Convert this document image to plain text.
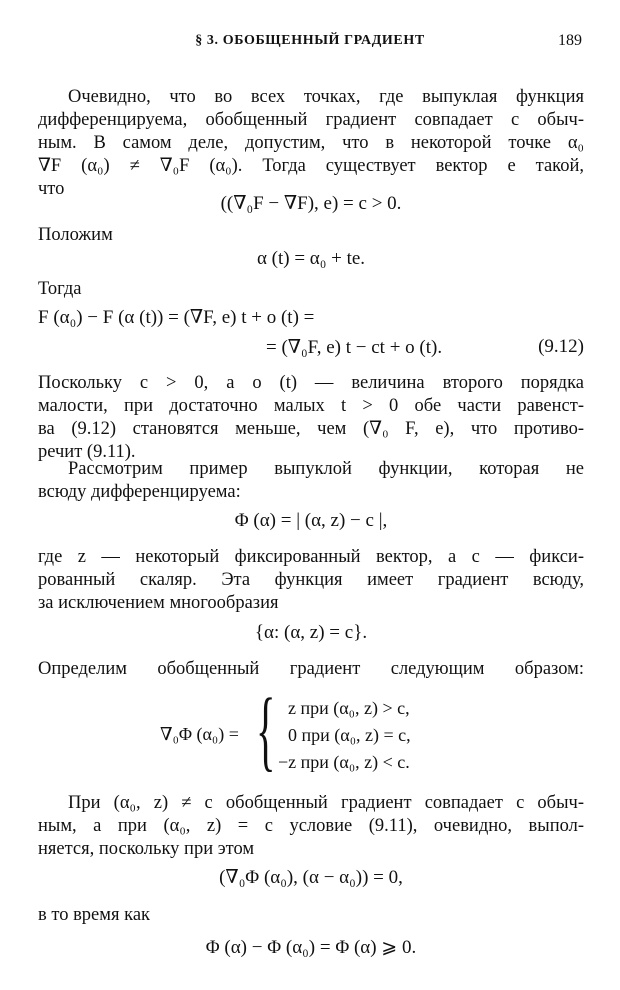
§ 3. ОБОБЩЕННЫЙ ГРАДИЕНТ	189
Очевидно, что во всех точках, где выпуклая функция
дифференцируема, обобщенный градиент совпадает с обыч-
ным. В самом деле, допустим, что в некоторой точке α₀
∇F (α₀) ≠ ∇₀F (α₀). Тогда существует вектор e такой,
что
((∇₀F − ∇F), e) = c > 0.
Положим
α (t) = α₀ + te.
Тогда
F (α₀) − F (α (t)) = (∇F, e) t + o (t) =
= (∇₀F, e) t − ct + o (t).	(9.12)
Поскольку c > 0, а o (t) — величина второго порядка
малости, при достаточно малых t > 0 обе части равенст-
ва (9.12) становятся меньше, чем (∇₀ F, e), что противо-
речит (9.11).
Рассмотрим пример выпуклой функции, которая не
всюду дифференцируема:
Φ (α) = | (α, z) − c |,
где z — некоторый фиксированный вектор, а c — фикси-
рованный скаляр. Эта функция имеет градиент всюду,
за исключением многообразия
{α: (α, z) = c}.
Определим обобщенный градиент следующим образом:
∇₀Φ (α₀) = { z при (α₀, z) > c,
0 при (α₀, z) = c,
−z при (α₀, z) < c.
При (α₀, z) ≠ c обобщенный градиент совпадает с обыч-
ным, а при (α₀, z) = c условие (9.11), очевидно, выпол-
няется, поскольку при этом
(∇₀Φ (α₀), (α − α₀)) = 0,
в то время как
Φ (α) − Φ (α₀) = Φ (α) ⩾ 0.
